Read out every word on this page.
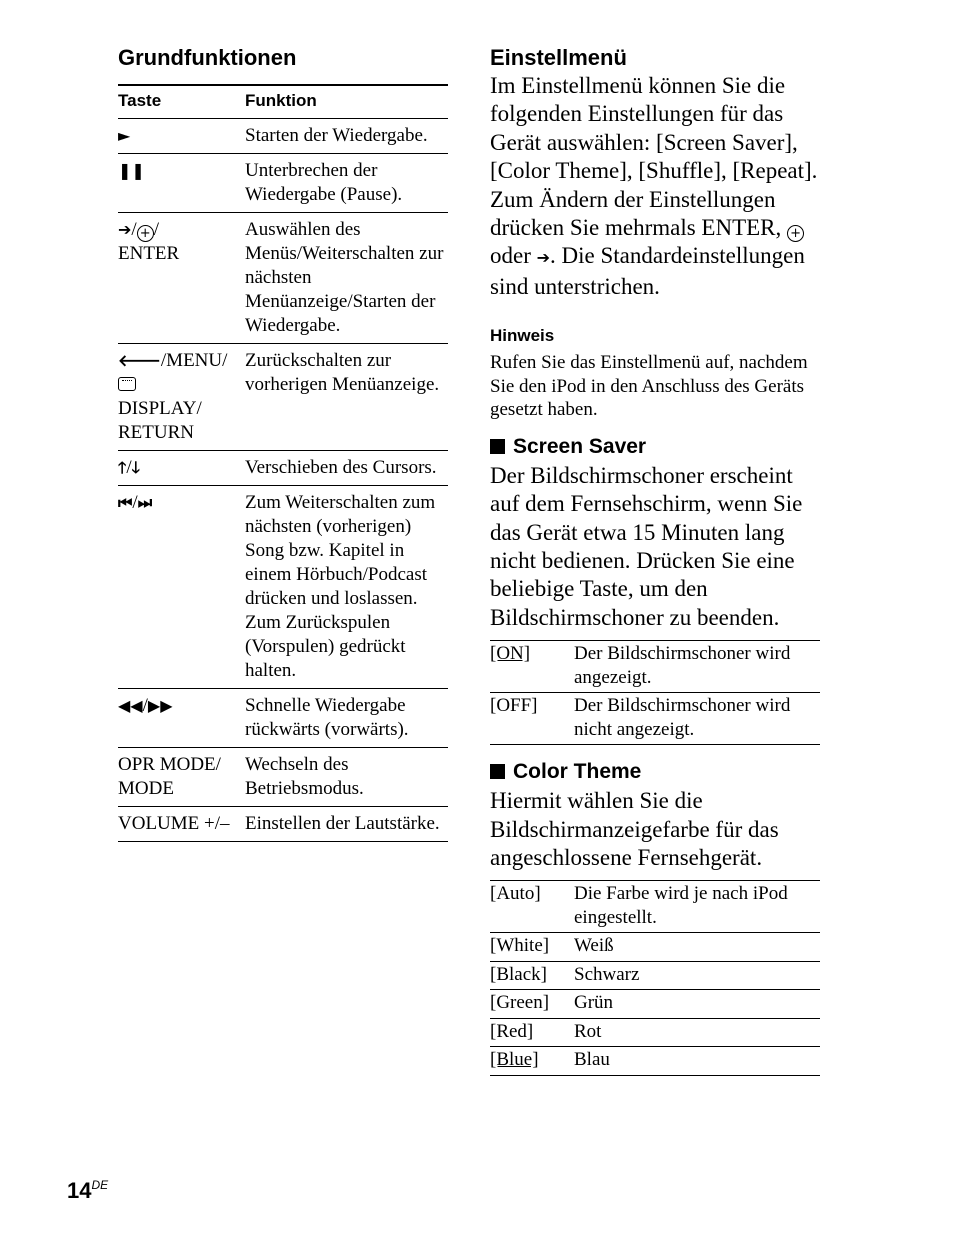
Grundfunktionen
Taste	Funktion
►	Starten der Wiedergabe.
❚❚	Unterbrechen der Wiedergabe (Pause).
➔/ + /
ENTER	Auswählen des Menüs/Weiterschalten zur nächsten Menüanzeige/Starten der Wiedergabe.
🡐/MENU/
DISPLAY/ RETURN	Zurückschalten zur vorherigen Menüanzeige.
🡑/🡓	Verschieben des Cursors.
⏮/⏭	Zum Weiterschalten zum nächsten (vorherigen) Song bzw. Kapitel in einem Hörbuch/Podcast drücken und loslassen. Zum Zurückspulen (Vorspulen) gedrückt halten.
◀◀/▶▶	Schnelle Wiedergabe rückwärts (vorwärts).
OPR MODE/ MODE	Wechseln des Betriebsmodus.
VOLUME +/–	Einstellen der Lautstärke.
Einstellmenü

Im Einstellmenü können Sie die folgenden Einstellungen für das Gerät auswählen: [Screen Saver], [Color Theme], [Shuffle], [Repeat]. Zum Ändern der Einstellungen drücken Sie mehrmals ENTER, + oder ➔. Die Standardeinstellungen sind unterstrichen.

Hinweis

Rufen Sie das Einstellmenü auf, nachdem Sie den iPod in den Anschluss des Geräts gesetzt haben.

Screen Saver

Der Bildschirmschoner erscheint auf dem Fernsehschirm, wenn Sie das Gerät etwa 15 Minuten lang nicht bedienen. Drücken Sie eine beliebige Taste, um den Bildschirmschoner zu beenden.

[ON]	Der Bildschirmschoner wird angezeigt.
[OFF]	Der Bildschirmschoner wird nicht angezeigt.
Color Theme

Hiermit wählen Sie die Bildschirmanzeigefarbe für das angeschlossene Fernsehgerät.

[Auto]	Die Farbe wird je nach iPod eingestellt.
[White]	Weiß
[Black]	Schwarz
[Green]	Grün
[Red]	Rot
[Blue]	Blau
14DE
